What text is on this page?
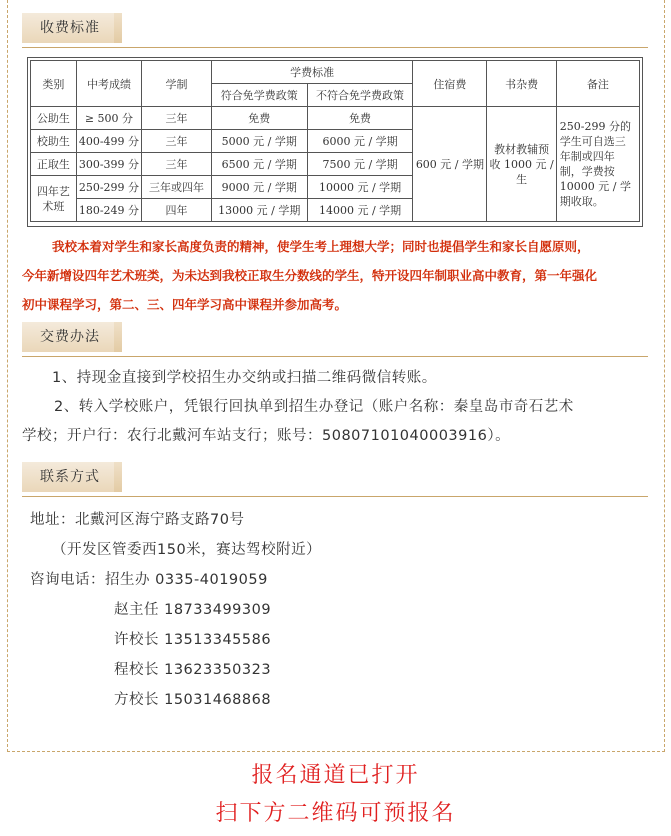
收费标准
类别	中考成绩	学制	学费标准		住宿费	书杂费	备注
			符合免学费政策	不符合免学费政策			
公助生	≥ 500 分	三年	免费	免费	600 元 / 学期	教材教辅预收 1000 元 / 生	250-299 分的学生可自选三年制或四年制，学费按 10000 元 / 学期收取。
校助生	400-499 分	三年	5000 元 / 学期	6000 元 / 学期			
正取生	300-399 分	三年	6500 元 / 学期	7500 元 / 学期			
四年艺术班	250-299 分	三年或四年	9000 元 / 学期	10000 元 / 学期			
	180-249 分	四年	13000 元 / 学期	14000 元 / 学期			
我校本着对学生和家长高度负责的精神，使学生考上理想大学；同时也提倡学生和家长自愿原则，
今年新增设四年艺术班类，为未达到我校正取生分数线的学生，特开设四年制职业高中教育，第一年强化
初中课程学习，第二、三、四年学习高中课程并参加高考。
交费办法
1、持现金直接到学校招生办交纳或扫描二维码微信转账。
2、转入学校账户，凭银行回执单到招生办登记（账户名称：秦皇岛市奇石艺术
学校；开户行：农行北戴河车站支行；账号：50807101040003916）。
联系方式
地址：北戴河区海宁路支路70号
（开发区管委西150米，赛达驾校附近）
咨询电话：招生办 0335-4019059
赵主任 18733499309
许校长 13513345586
程校长 13623350323
方校长 15031468868
报名通道已打开
扫下方二维码可预报名
